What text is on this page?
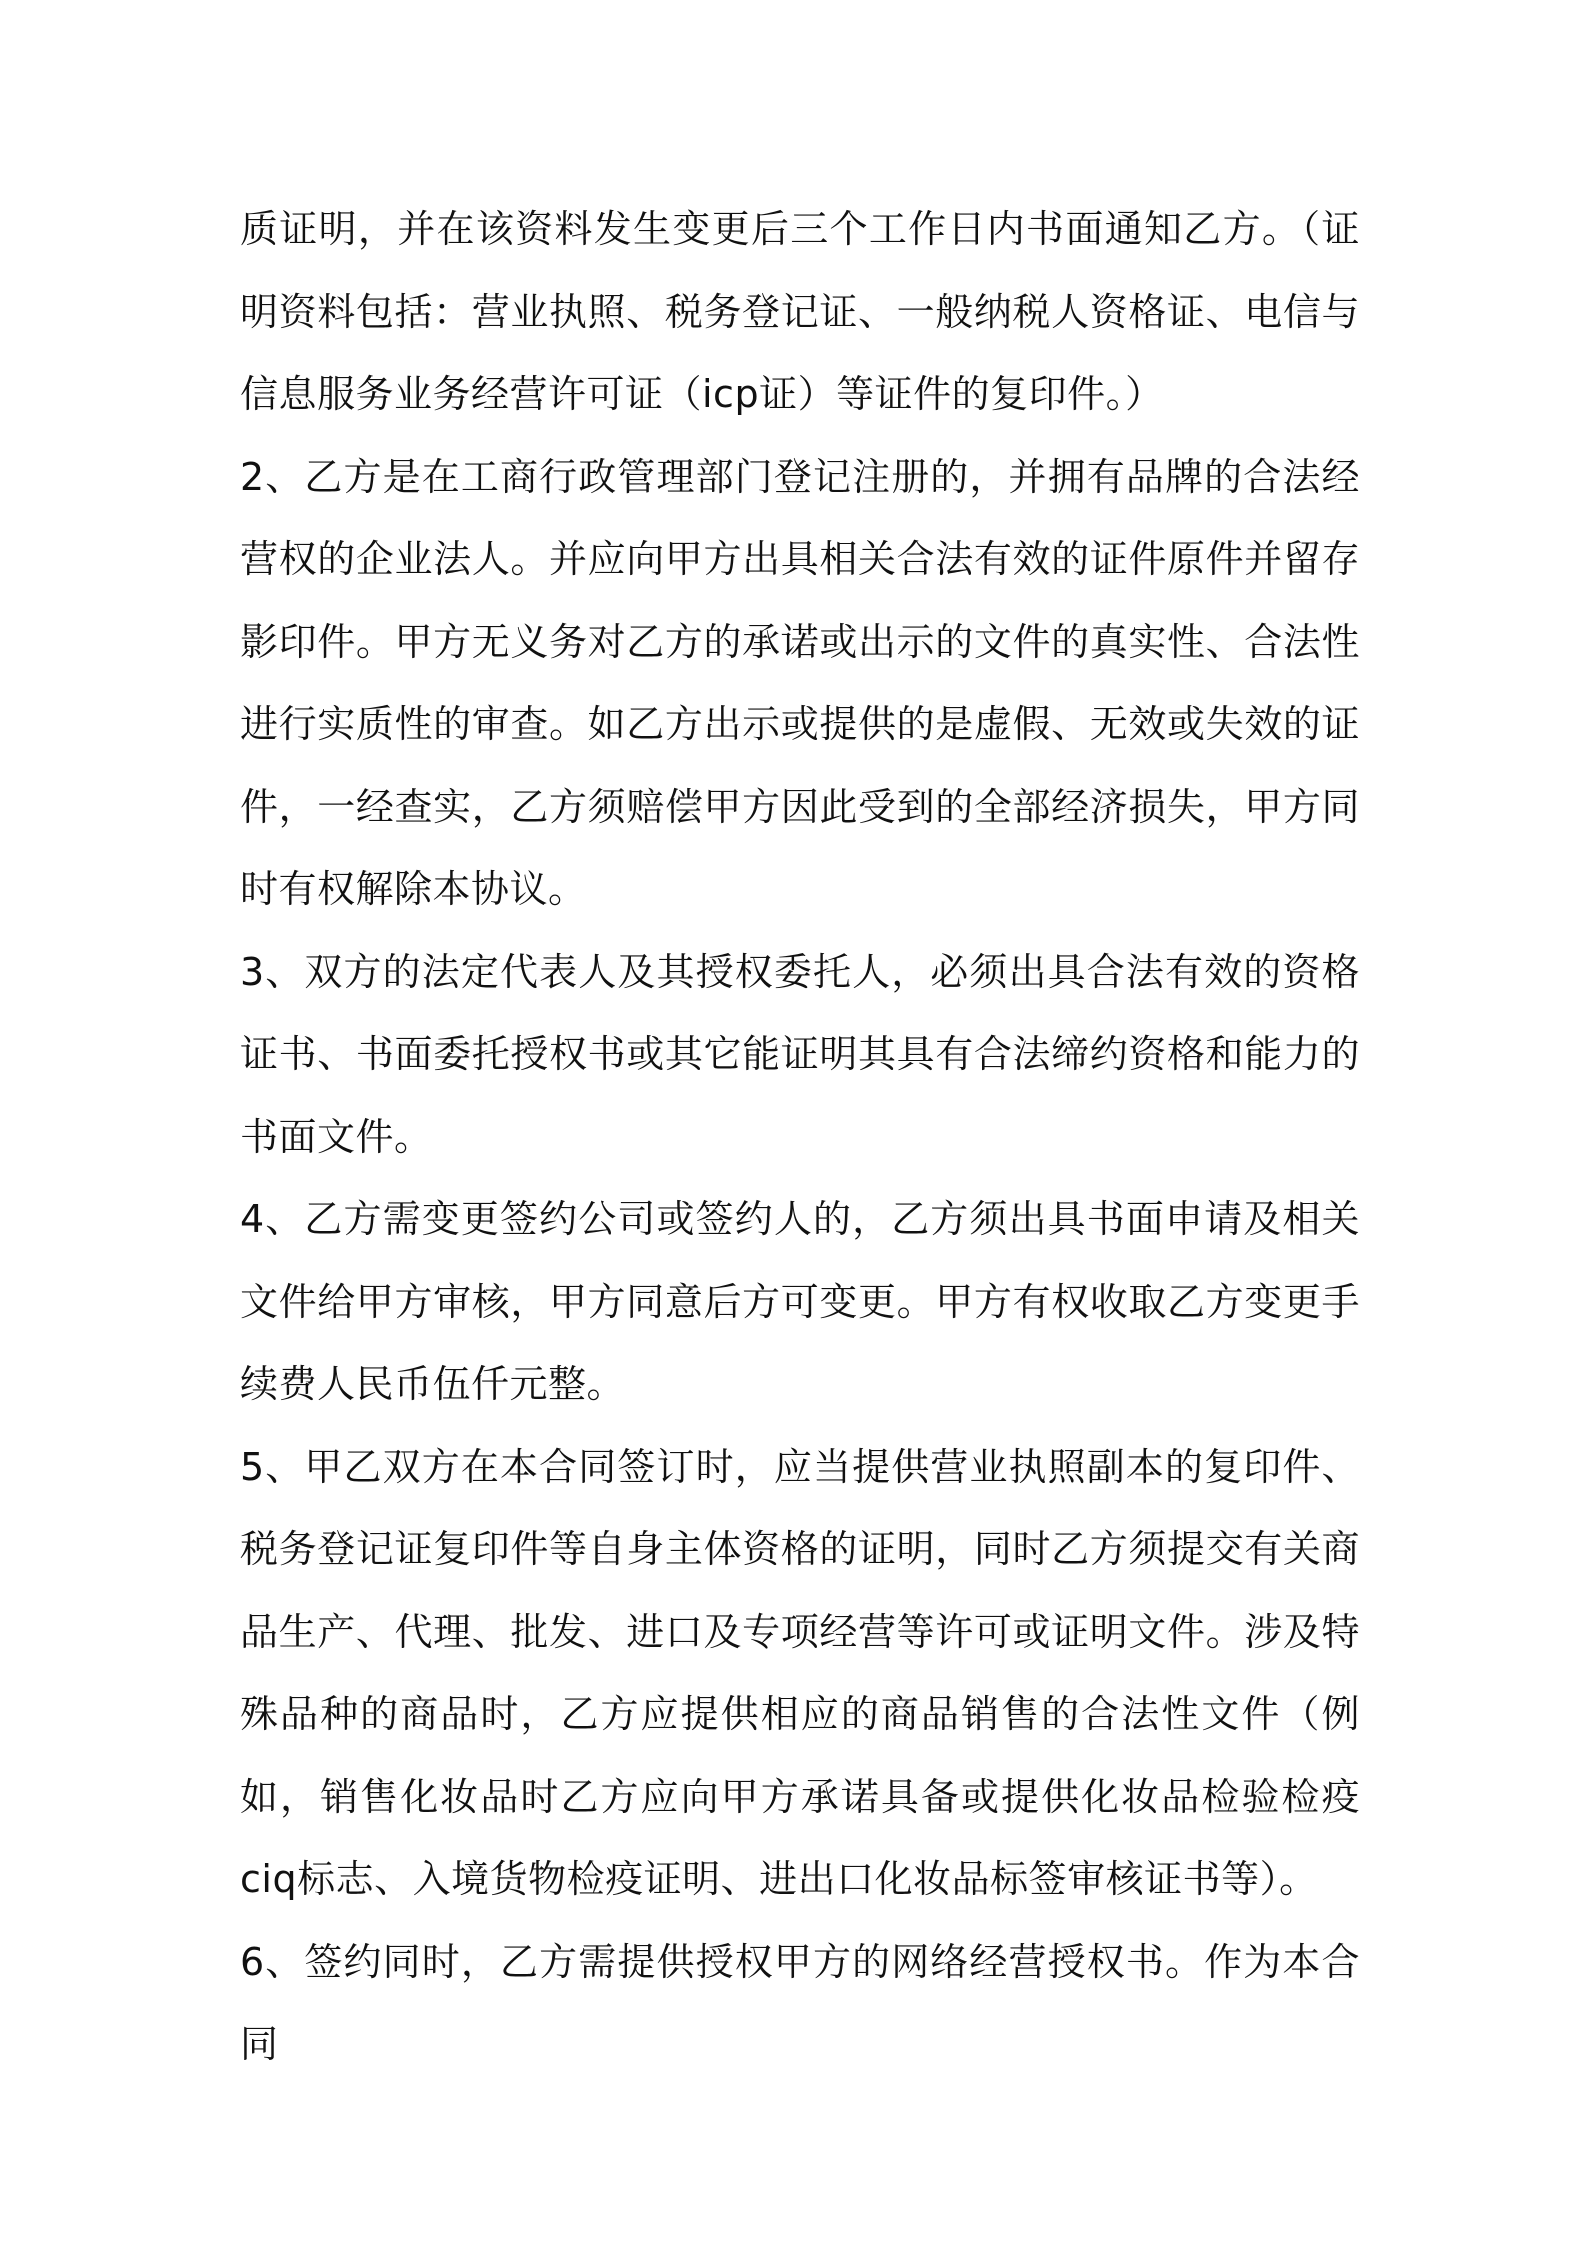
质证明，并在该资料发生变更后三个工作日内书面通知乙方。（证明资料包括：营业执照、税务登记证、一般纳税人资格证、电信与信息服务业务经营许可证（icp证）等证件的复印件。）

2、乙方是在工商行政管理部门登记注册的，并拥有品牌的合法经营权的企业法人。并应向甲方出具相关合法有效的证件原件并留存影印件。甲方无义务对乙方的承诺或出示的文件的真实性、合法性进行实质性的审查。如乙方出示或提供的是虚假、无效或失效的证件，一经查实，乙方须赔偿甲方因此受到的全部经济损失，甲方同时有权解除本协议。

3、双方的法定代表人及其授权委托人，必须出具合法有效的资格证书、书面委托授权书或其它能证明其具有合法缔约资格和能力的书面文件。

4、乙方需变更签约公司或签约人的，乙方须出具书面申请及相关文件给甲方审核，甲方同意后方可变更。甲方有权收取乙方变更手续费人民币伍仟元整。

5、甲乙双方在本合同签订时，应当提供营业执照副本的复印件、税务登记证复印件等自身主体资格的证明，同时乙方须提交有关商品生产、代理、批发、进口及专项经营等许可或证明文件。涉及特殊品种的商品时，乙方应提供相应的商品销售的合法性文件（例如，销售化妆品时乙方应向甲方承诺具备或提供化妆品检验检疫ciq标志、入境货物检疫证明、进出口化妆品标签审核证书等）。

6、签约同时，乙方需提供授权甲方的网络经营授权书。作为本合同
